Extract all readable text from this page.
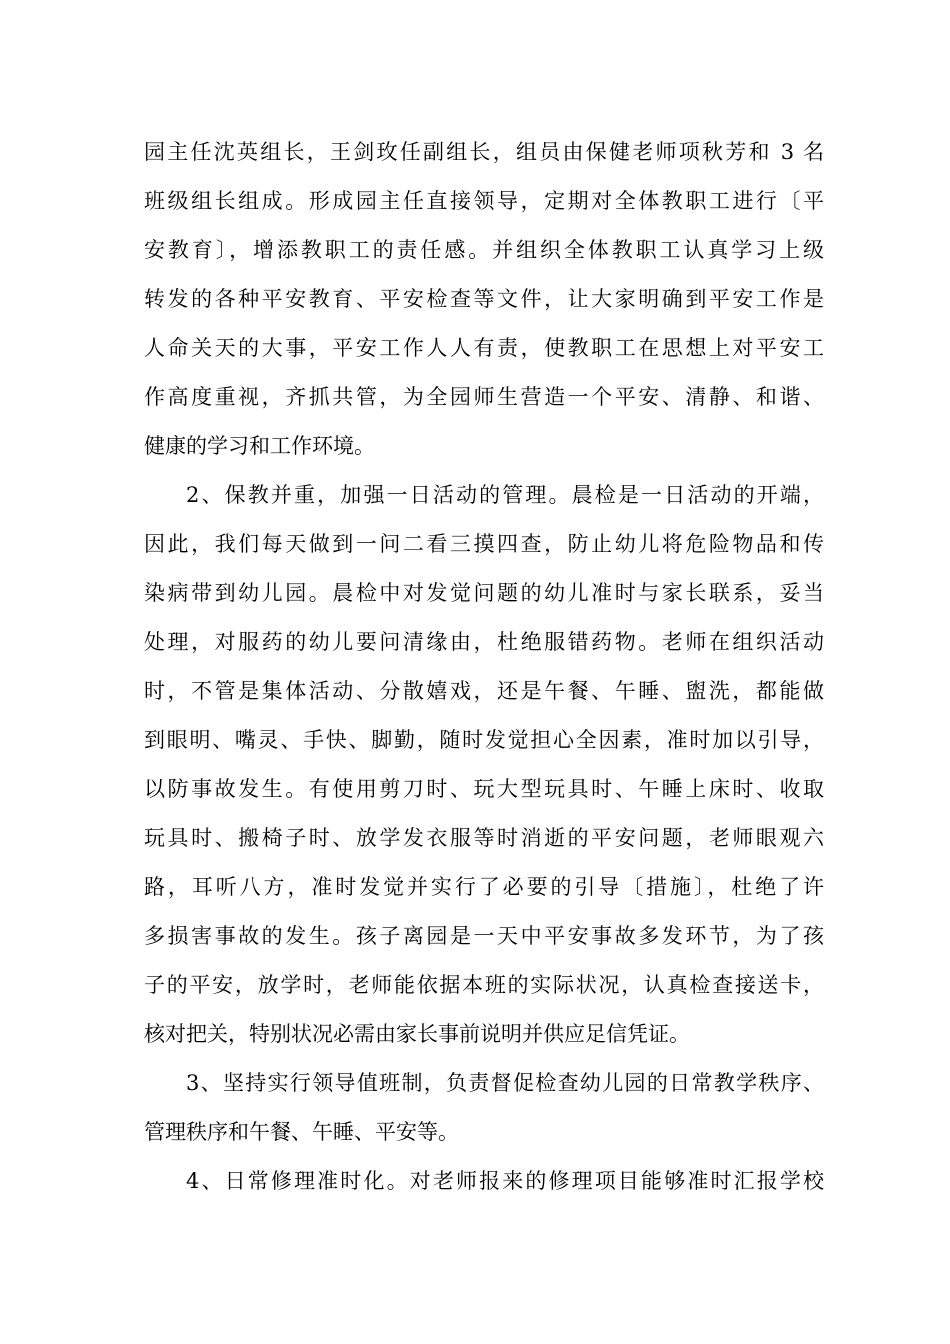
园主任沈英组长，王剑玫任副组长，组员由保健老师项秋芳和 3 名
班级组长组成。形成园主任直接领导，定期对全体教职工进行〔平
安教育〕，增添教职工的责任感。并组织全体教职工认真学习上级
转发的各种平安教育、平安检查等文件，让大家明确到平安工作是
人命关天的大事，平安工作人人有责，使教职工在思想上对平安工
作高度重视，齐抓共管，为全园师生营造一个平安、清静、和谐、
健康的学习和工作环境。
2、保教并重，加强一日活动的管理。晨检是一日活动的开端，
因此，我们每天做到一问二看三摸四查，防止幼儿将危险物品和传
染病带到幼儿园。晨检中对发觉问题的幼儿准时与家长联系，妥当
处理，对服药的幼儿要问清缘由，杜绝服错药物。老师在组织活动
时，不管是集体活动、分散嬉戏，还是午餐、午睡、盥洗，都能做
到眼明、嘴灵、手快、脚勤，随时发觉担心全因素，准时加以引导，
以防事故发生。有使用剪刀时、玩大型玩具时、午睡上床时、收取
玩具时、搬椅子时、放学发衣服等时消逝的平安问题，老师眼观六
路，耳听八方，准时发觉并实行了必要的引导〔措施〕，杜绝了许
多损害事故的发生。孩子离园是一天中平安事故多发环节，为了孩
子的平安，放学时，老师能依据本班的实际状况，认真检查接送卡，
核对把关，特别状况必需由家长事前说明并供应足信凭证。
3、坚持实行领导值班制，负责督促检查幼儿园的日常教学秩序、
管理秩序和午餐、午睡、平安等。
4、日常修理准时化。对老师报来的修理项目能够准时汇报学校
